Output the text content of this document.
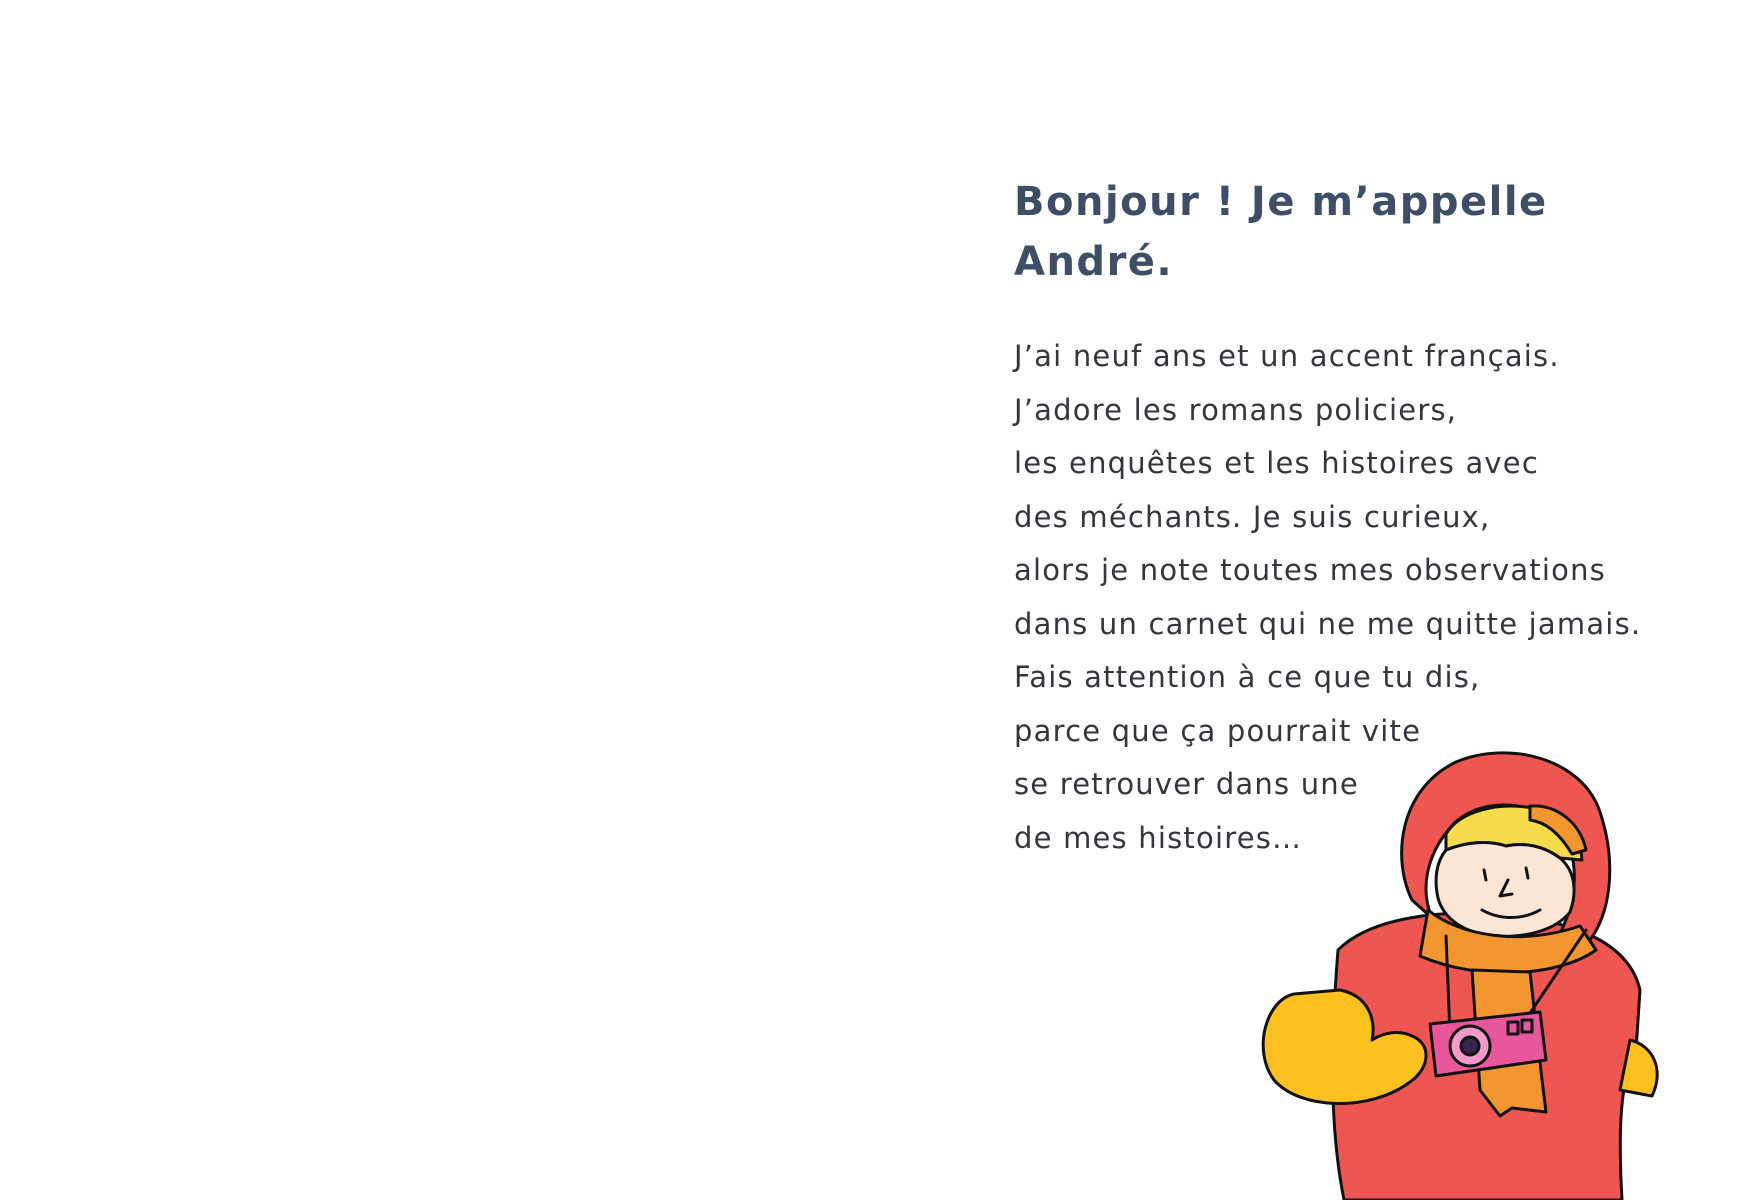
Bonjour ! Je m’appelle André.
J’ai neuf ans et un accent français.
J’adore les romans policiers,
les enquêtes et les histoires avec
des méchants. Je suis curieux,
alors je note toutes mes observations
dans un carnet qui ne me quitte jamais.
Fais attention à ce que tu dis,
parce que ça pourrait vite
se retrouver dans une
de mes histoires…
